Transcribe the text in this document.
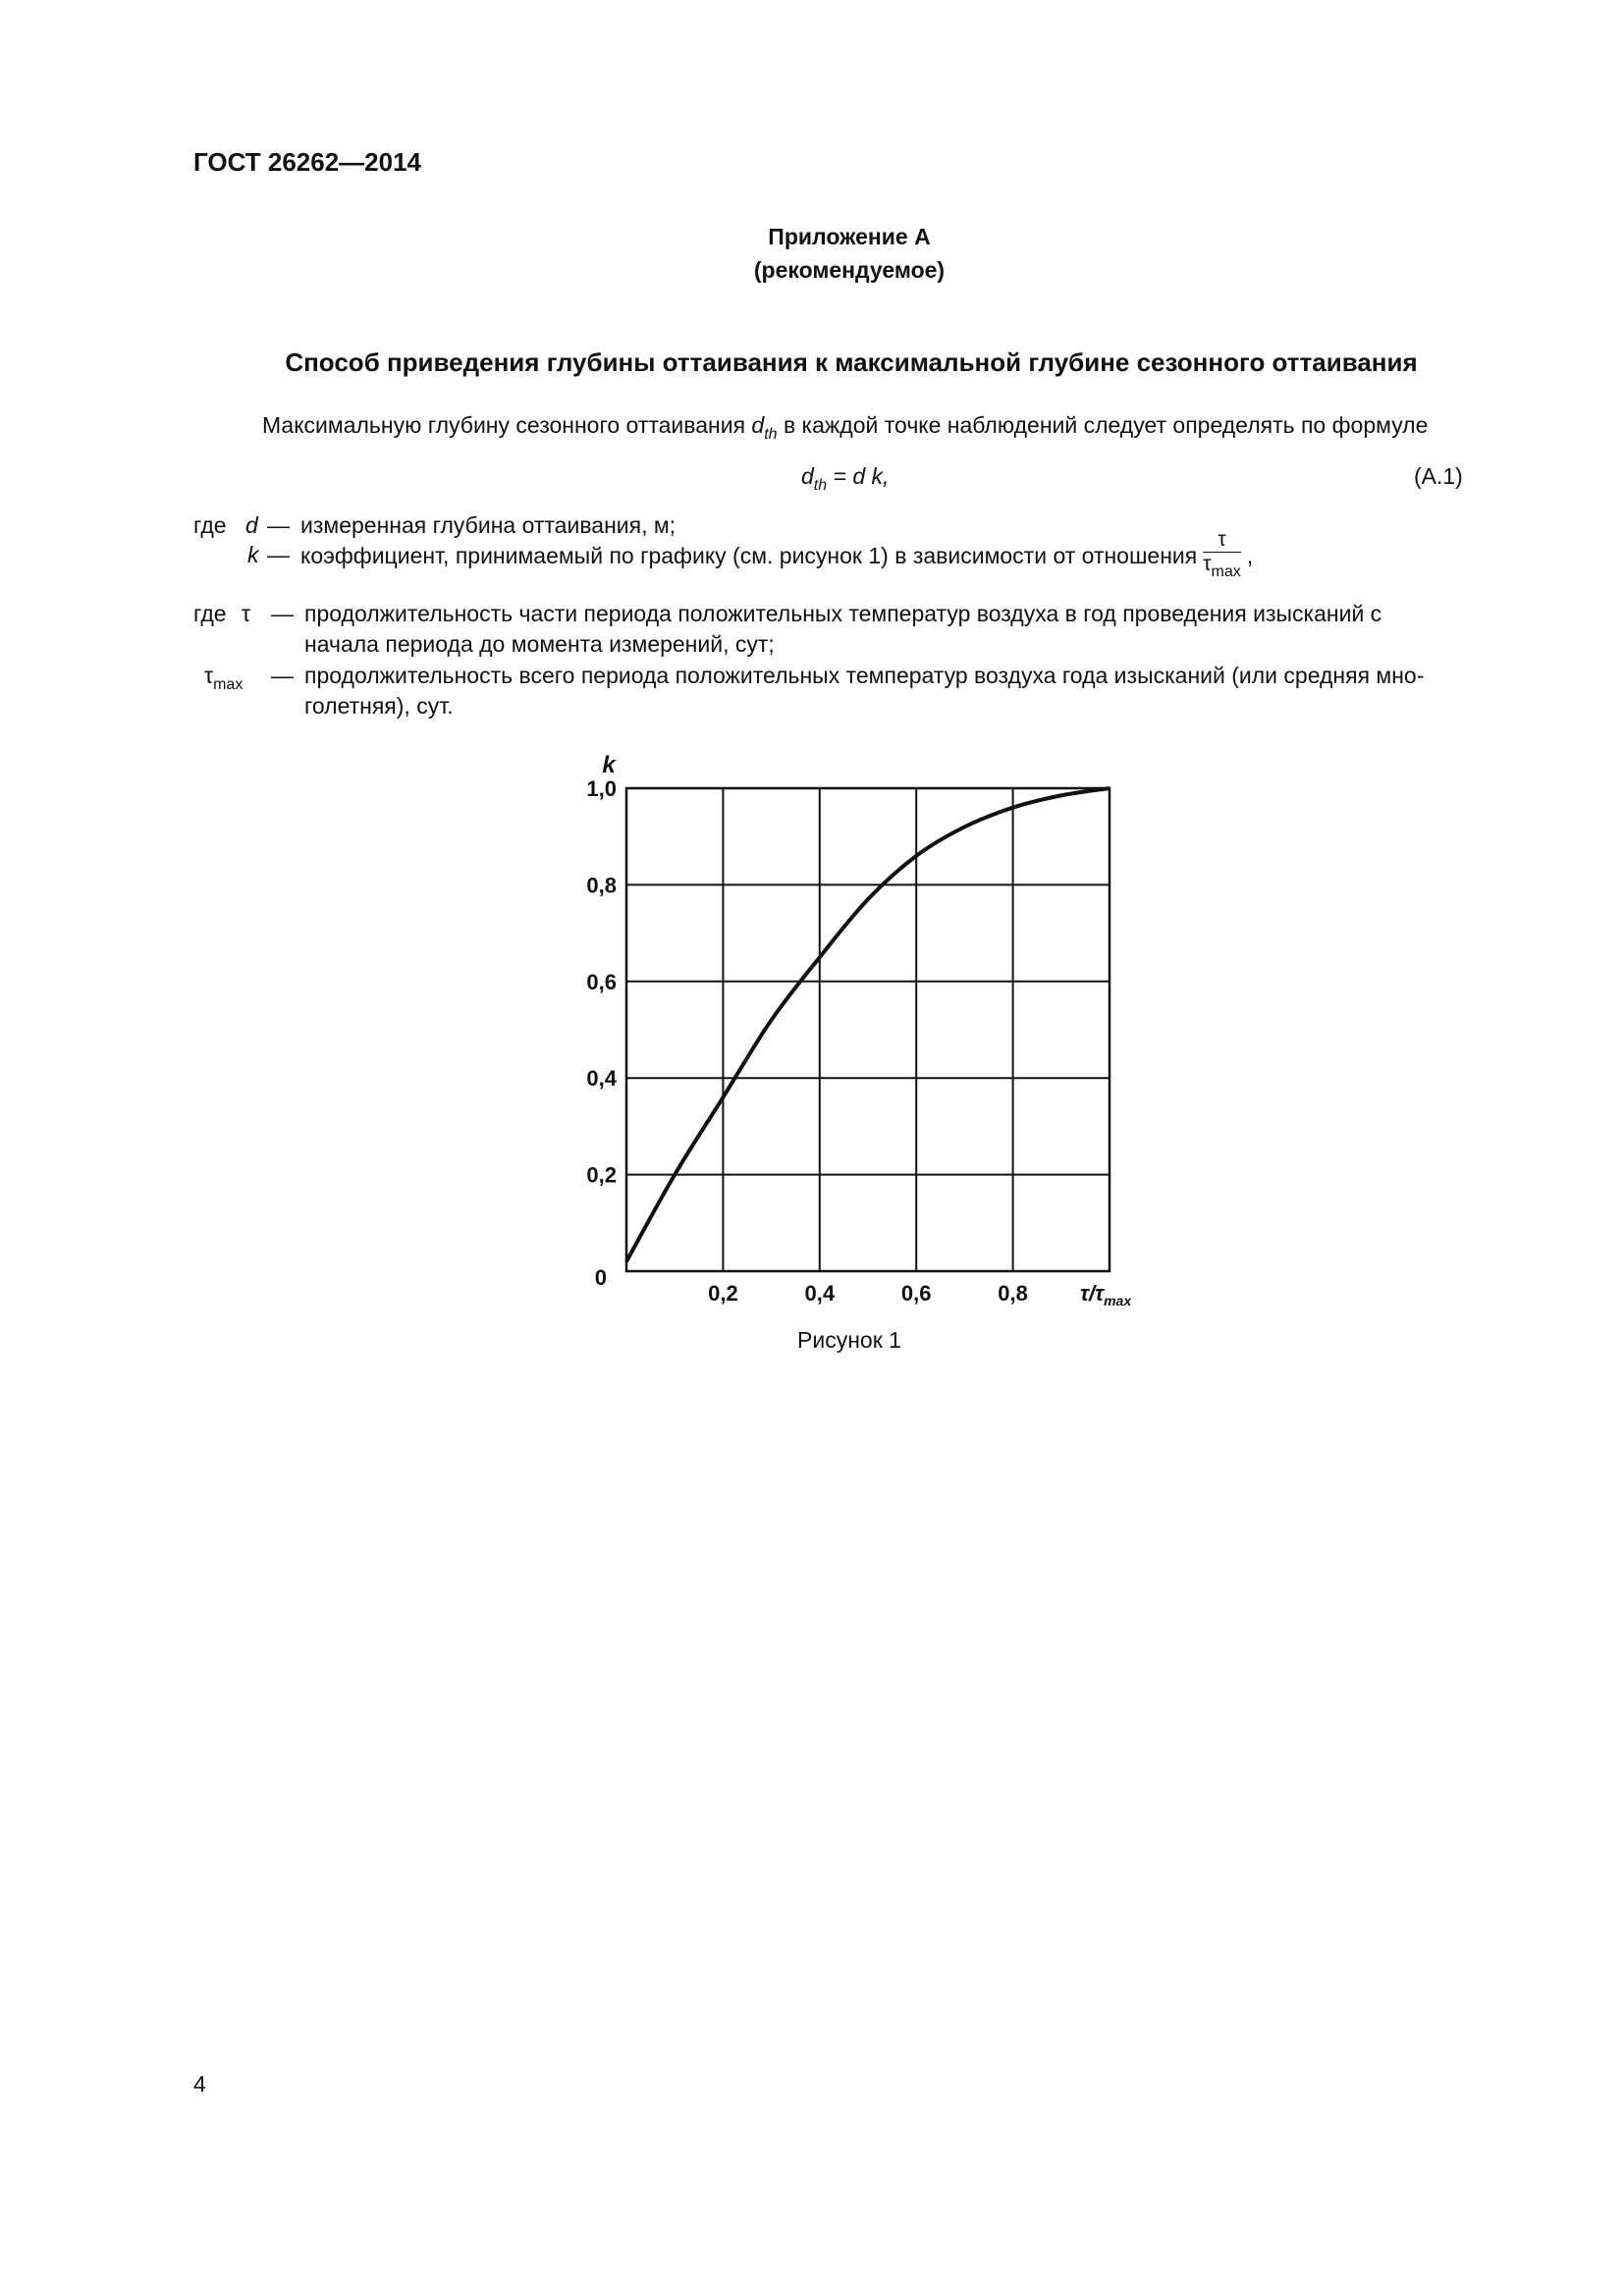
ГОСТ 26262—2014
Приложение А
(рекомендуемое)
Способ приведения глубины оттаивания к максимальной глубине сезонного оттаивания
Максимальную глубину сезонного оттаивания $d_{th}$ в каждой точке наблюдений следует определять по формуле
$d_{th} = d$ k,	(А.1)
где d — измеренная глубина оттаивания, м;
k — коэффициент, принимаемый по графику (см. рисунок 1) в зависимости от отношения $\frac{\tau}{\tau_{max}}$ ,
где τ — продолжительность части периода положительных температур воздуха в год проведения изысканий с
начала периода до момента измерений, сут;
$\tau_{max}$ — продолжительность всего периода положительных температур воздуха года изысканий (или средняя мно-
голетняя), сут.
0,2
0,4
0,6
0,8
1,0
0,2	0,4	0,6	0,8
0
k
$\tau/\tau_{max}$
Рисунок 1
4
